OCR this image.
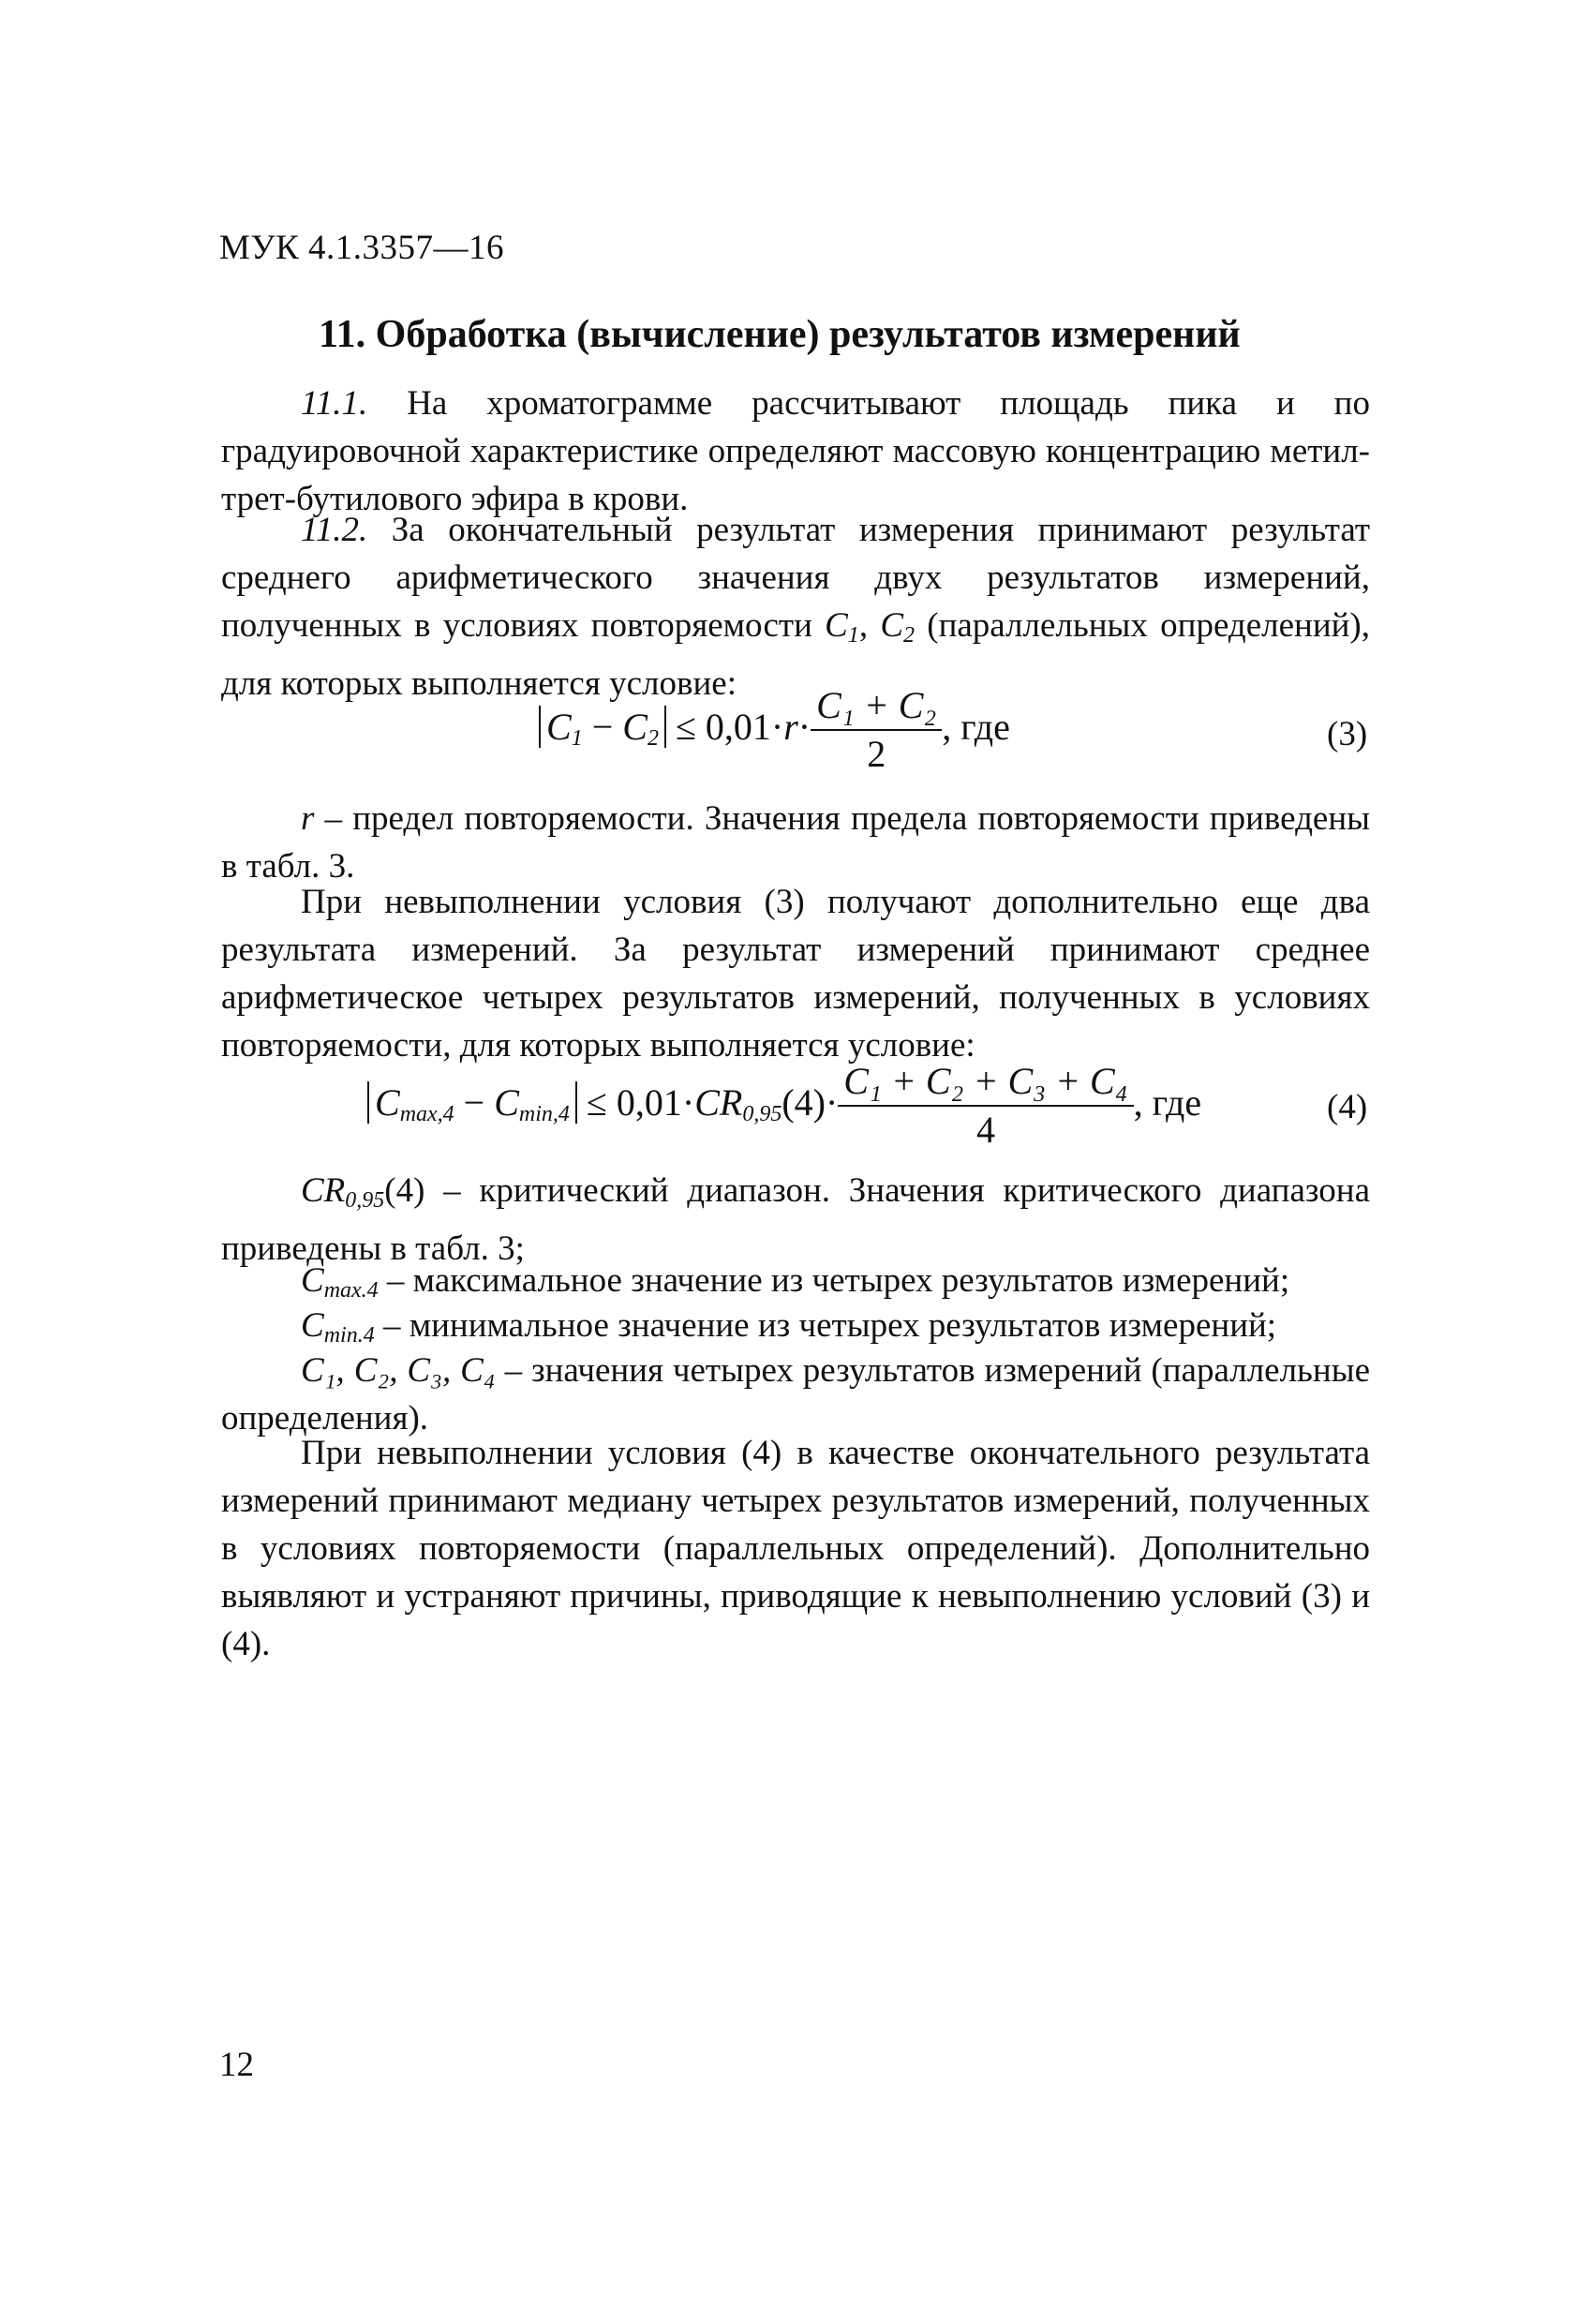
МУК 4.1.3357—16
11. Обработка (вычисление) результатов измерений

11.1. На хроматограмме рассчитывают площадь пика и по градуировочной характеристике определяют массовую концентрацию метил-трет-бутилового эфира в крови.

11.2. За окончательный результат измерения принимают результат среднего арифметического значения двух результатов измерений, полученных в условиях повторяемости $C_1$, $C_2$ (параллельных определений), для которых выполняется условие:

$C_1 - C_2 \le 0,01\cdot r\cdot \frac{\text{C₁ + C₂}}{2}$ , где	(3)

r – предел повторяемости. Значения предела повторяемости приведены в табл. 3.

При невыполнении условия (3) получают дополнительно еще два результата измерений. За результат измерений принимают среднее арифметическое четырех результатов измерений, полученных в условиях повторяемости, для которых выполняется условие:

$C_{max,4} - C_{min,4} \le 0,01\cdot CR_{0,95}(4)\cdot \frac{\text{C₁ + C₂ + C₃ + C₄}}{4}$ , где	(4)

$CR_{0,95}(4)$ – критический диапазон. Значения критического диапазона приведены в табл. 3;

$C_{max.4}$ – максимальное значение из четырех результатов измерений;

$C_{min.4}$ – минимальное значение из четырех результатов измерений;

C₁, C₂, C₃, C₄ – значения четырех результатов измерений (параллельные определения).

При невыполнении условия (4) в качестве окончательного результата измерений принимают медиану четырех результатов измерений, полученных в условиях повторяемости (параллельных определений). Дополнительно выявляют и устраняют причины, приводящие к невыполнению условий (3) и (4).

12
